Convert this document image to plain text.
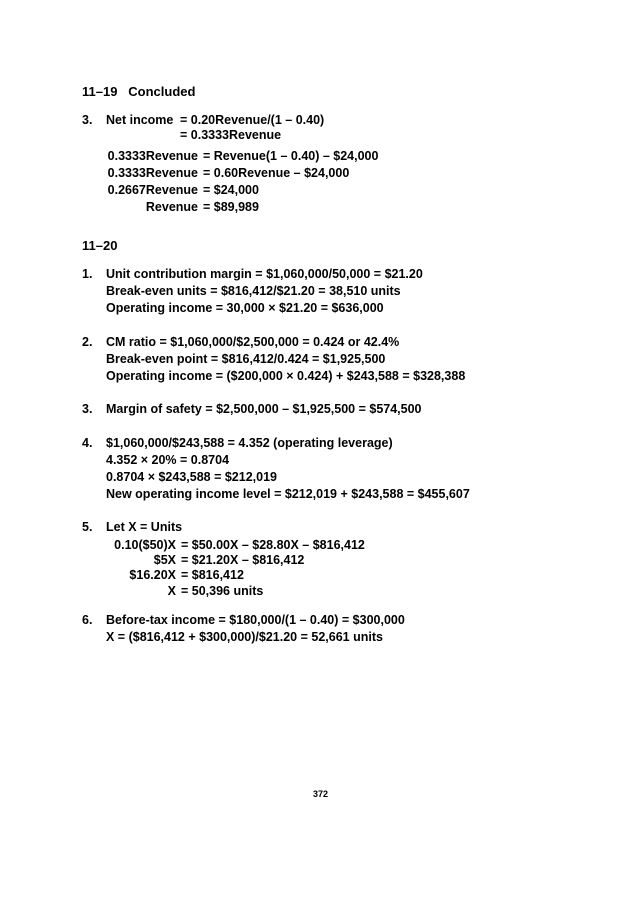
11–19   Concluded
3. Net income = 0.20Revenue/(1 – 0.40)
= 0.3333Revenue
0.3333Revenue = Revenue(1 – 0.40) – $24,000
0.3333Revenue = 0.60Revenue – $24,000
0.2667Revenue = $24,000
Revenue = $89,989
11–20
1. Unit contribution margin = $1,060,000/50,000 = $21.20
Break-even units = $816,412/$21.20 = 38,510 units
Operating income = 30,000 × $21.20 = $636,000
2. CM ratio = $1,060,000/$2,500,000 = 0.424 or 42.4%
Break-even point = $816,412/0.424 = $1,925,500
Operating income = ($200,000 × 0.424) + $243,588 = $328,388
3. Margin of safety = $2,500,000 – $1,925,500 = $574,500
4. $1,060,000/$243,588 = 4.352 (operating leverage)
4.352 × 20% = 0.8704
0.8704 × $243,588 = $212,019
New operating income level = $212,019 + $243,588 = $455,607
5. Let X = Units
0.10($50)X = $50.00X – $28.80X – $816,412
$5X = $21.20X – $816,412
$16.20X = $816,412
X = 50,396 units
6. Before-tax income = $180,000/(1 – 0.40) = $300,000
X = ($816,412 + $300,000)/$21.20 = 52,661 units
372
